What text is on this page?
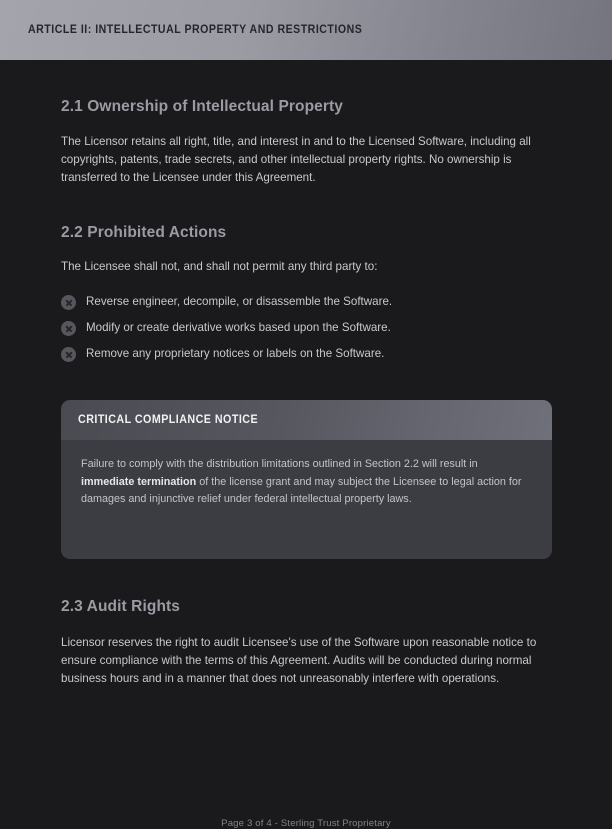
ARTICLE II: INTELLECTUAL PROPERTY AND RESTRICTIONS
2.1 Ownership of Intellectual Property

The Licensor retains all right, title, and interest in and to the Licensed Software, including all copyrights, patents, trade secrets, and other intellectual property rights. No ownership is transferred to the Licensee under this Agreement.

2.2 Prohibited Actions

The Licensee shall not, and shall not permit any third party to:

Reverse engineer, decompile, or disassemble the Software.
Modify or create derivative works based upon the Software.
Remove any proprietary notices or labels on the Software.
CRITICAL COMPLIANCE NOTICE
Failure to comply with the distribution limitations outlined in Section 2.2 will result in immediate termination of the license grant and may subject the Licensee to legal action for damages and injunctive relief under federal intellectual property laws.
2.3 Audit Rights

Licensor reserves the right to audit Licensee's use of the Software upon reasonable notice to ensure compliance with the terms of this Agreement. Audits will be conducted during normal business hours and in a manner that does not unreasonably interfere with operations.

Page 3 of 4 - Sterling Trust Proprietary
